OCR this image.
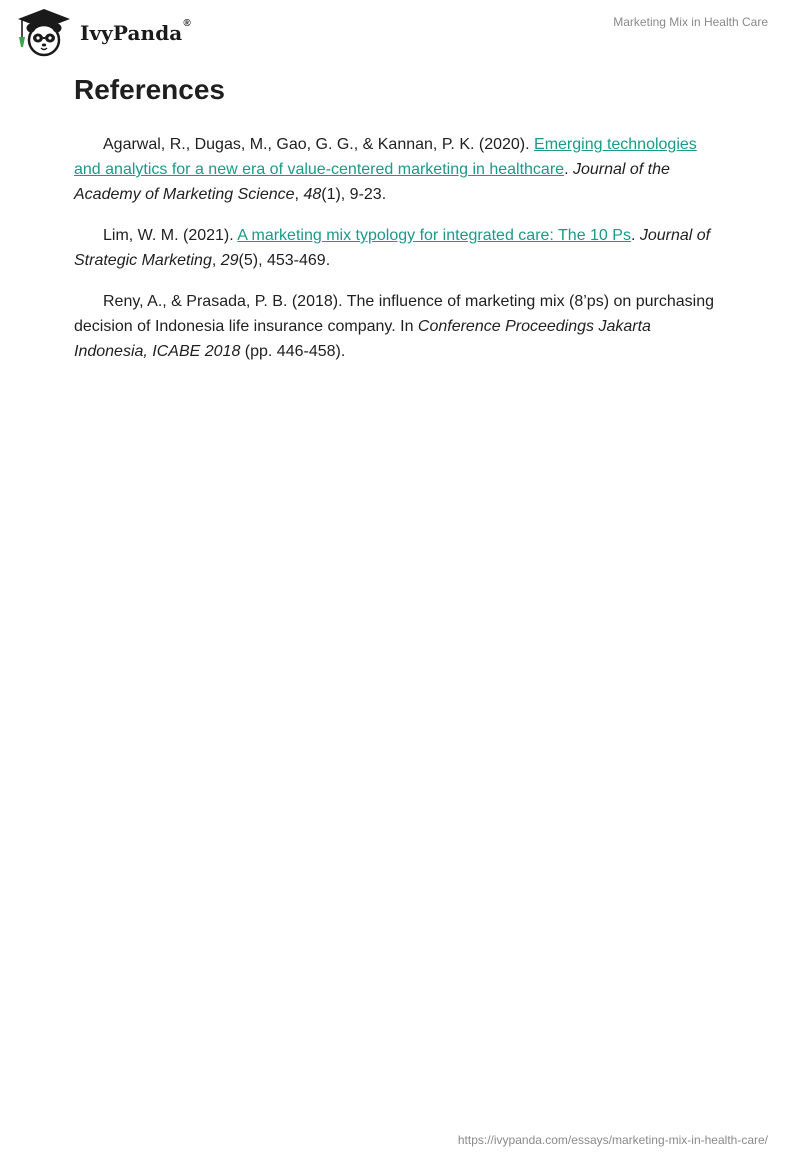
IvyPanda®	Marketing Mix in Health Care
References

Agarwal, R., Dugas, M., Gao, G. G., & Kannan, P. K. (2020). Emerging technologies and analytics for a new era of value-centered marketing in healthcare. Journal of the Academy of Marketing Science, 48(1), 9-23.

Lim, W. M. (2021). A marketing mix typology for integrated care: The 10 Ps. Journal of Strategic Marketing, 29(5), 453-469.

Reny, A., & Prasada, P. B. (2018). The influence of marketing mix (8’ps) on purchasing decision of Indonesia life insurance company. In Conference Proceedings Jakarta Indonesia, ICABE 2018 (pp. 446-458).

https://ivypanda.com/essays/marketing-mix-in-health-care/
